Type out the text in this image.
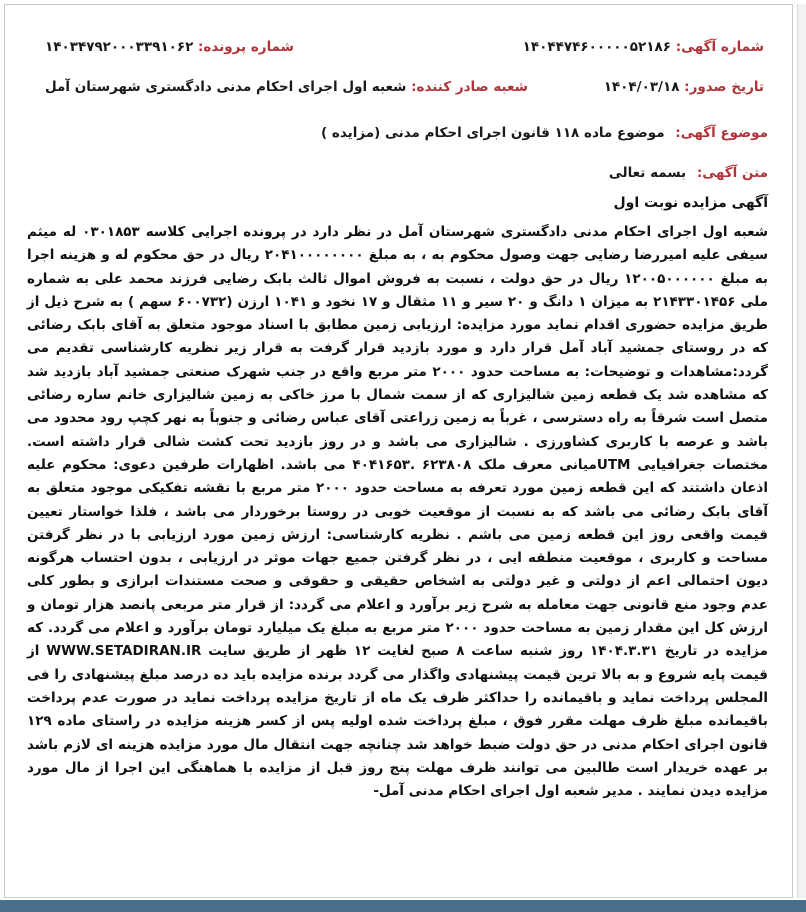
شماره آگهی: ۱۴۰۴۴۷۴۶۰۰۰۰۰۵۲۱۸۶
شماره پرونده: ۱۴۰۳۴۷۹۲۰۰۰۳۳۹۱۰۶۲
تاریخ صدور: ۱۴۰۴/۰۳/۱۸
شعبه صادر کننده: شعبه اول اجرای احکام مدنی دادگستری شهرستان آمل
موضوع آگهی: موضوع ماده ۱۱۸ قانون اجرای احکام مدنی (مزایده )
متن آگهی: بسمه تعالی
آگهی مزایده نوبت اول

شعبه اول اجرای احکام مدنی دادگستری شهرستان آمل در نظر دارد در پرونده اجرایی کلاسه ۰۳۰۱۸۵۳ له میثم سیفی علیه امیررضا رضایی جهت وصول محکوم به ، به مبلغ ۲۰۴۱۰۰۰۰۰۰۰۰ ریال در حق محکوم له و هزینه اجرا به مبلغ ۱۲۰۰۵۰۰۰۰۰۰ ریال در حق دولت ، نسبت به فروش اموال ثالث بابک رضایی فرزند محمد علی به شماره ملی ۲۱۴۳۳۰۱۴۵۶ به میزان ۱ دانگ و ۲۰ سیر و ۱۱ مثقال و ۱۷ نخود و ۱۰۴۱ ارزن (۶۰۰۷۳۲ سهم ) به شرح ذیل از طریق مزایده حضوری اقدام نماید مورد مزایده: ارزیابی زمین مطابق با اسناد موجود متعلق به آقای بابک رضائی که در روستای جمشید آباد آمل قرار دارد و مورد بازدید قرار گرفت به قرار زیر نظریه کارشناسی تقدیم می گردد:مشاهدات و توضیحات: به مساحت حدود ۲۰۰۰ متر مربع واقع در جنب شهرک صنعتی جمشید آباد بازدید شد که مشاهده شد یک قطعه زمین شالیزاری که از سمت شمال با مرز خاکی به زمین شالیزاری خانم ساره رضائی متصل است شرقاً به راه دسترسی ، غرباً به زمین زراعتی آقای عباس رضائی و جنوباً به نهر کچپ رود محدود می باشد و عرصه با کاربری کشاورزی . شالیزاری می باشد و در روز بازدید تحت کشت شالی قرار داشته است. مختصات جغرافیایی UTMمیانی معرف ملک ۶۲۳۸۰۸ .۴۰۴۱۶۵۳ می باشد. اظهارات طرفین دعوی: محکوم علیه اذعان داشتند که این قطعه زمین مورد تعرفه به مساحت حدود ۲۰۰۰ متر مربع با نقشه تفکیکی موجود متعلق به آقای بابک رضائی می باشد که به نسبت از موقعیت خوبی در روستا برخوردار می باشد ، فلذا خواستار تعیین قیمت واقعی روز این قطعه زمین می باشم . نظریه کارشناسی: ارزش زمین مورد ارزیابی با در نظر گرفتن مساحت و کاربری ، موقعیت منطقه ایی ، در نظر گرفتن جمیع جهات موثر در ارزیابی ، بدون احتساب هرگونه دیون احتمالی اعم از دولتی و غیر دولتی به اشخاص حقیقی و حقوقی و صحت مستندات ابرازی و بطور کلی عدم وجود منع قانونی جهت معامله به شرح زیر برآورد و اعلام می گردد: از قرار متر مربعی پانصد هزار تومان و ارزش کل این مقدار زمین به مساحت حدود ۲۰۰۰ متر مربع به مبلغ یک میلیارد تومان برآورد و اعلام می گردد. که مزایده در تاریخ ۱۴۰۴.۳.۳۱ روز شنبه ساعت ۸ صبح لغایت ۱۲ ظهر از طریق سایت WWW.SETADIRAN.IR از قیمت پایه شروع و به بالا ترین قیمت پیشنهادی واگذار می گردد برنده مزایده باید ده درصد مبلغ پیشنهادی را فی المجلس پرداخت نماید و باقیمانده را حداکثر ظرف یک ماه از تاریخ مزایده پرداخت نماید در صورت عدم پرداخت باقیمانده مبلغ ظرف مهلت مقرر فوق ، مبلغ پرداخت شده اولیه پس از کسر هزینه مزایده در راستای ماده ۱۲۹ قانون اجرای احکام مدنی در حق دولت ضبط خواهد شد چنانچه جهت انتقال مال مورد مزایده هزینه ای لازم باشد بر عهده خریدار است طالبین می توانند ظرف مهلت پنج روز قبل از مزایده با هماهنگی این اجرا از مال مورد مزایده دیدن نمایند . مدیر شعبه اول اجرای احکام مدنی آمل-
